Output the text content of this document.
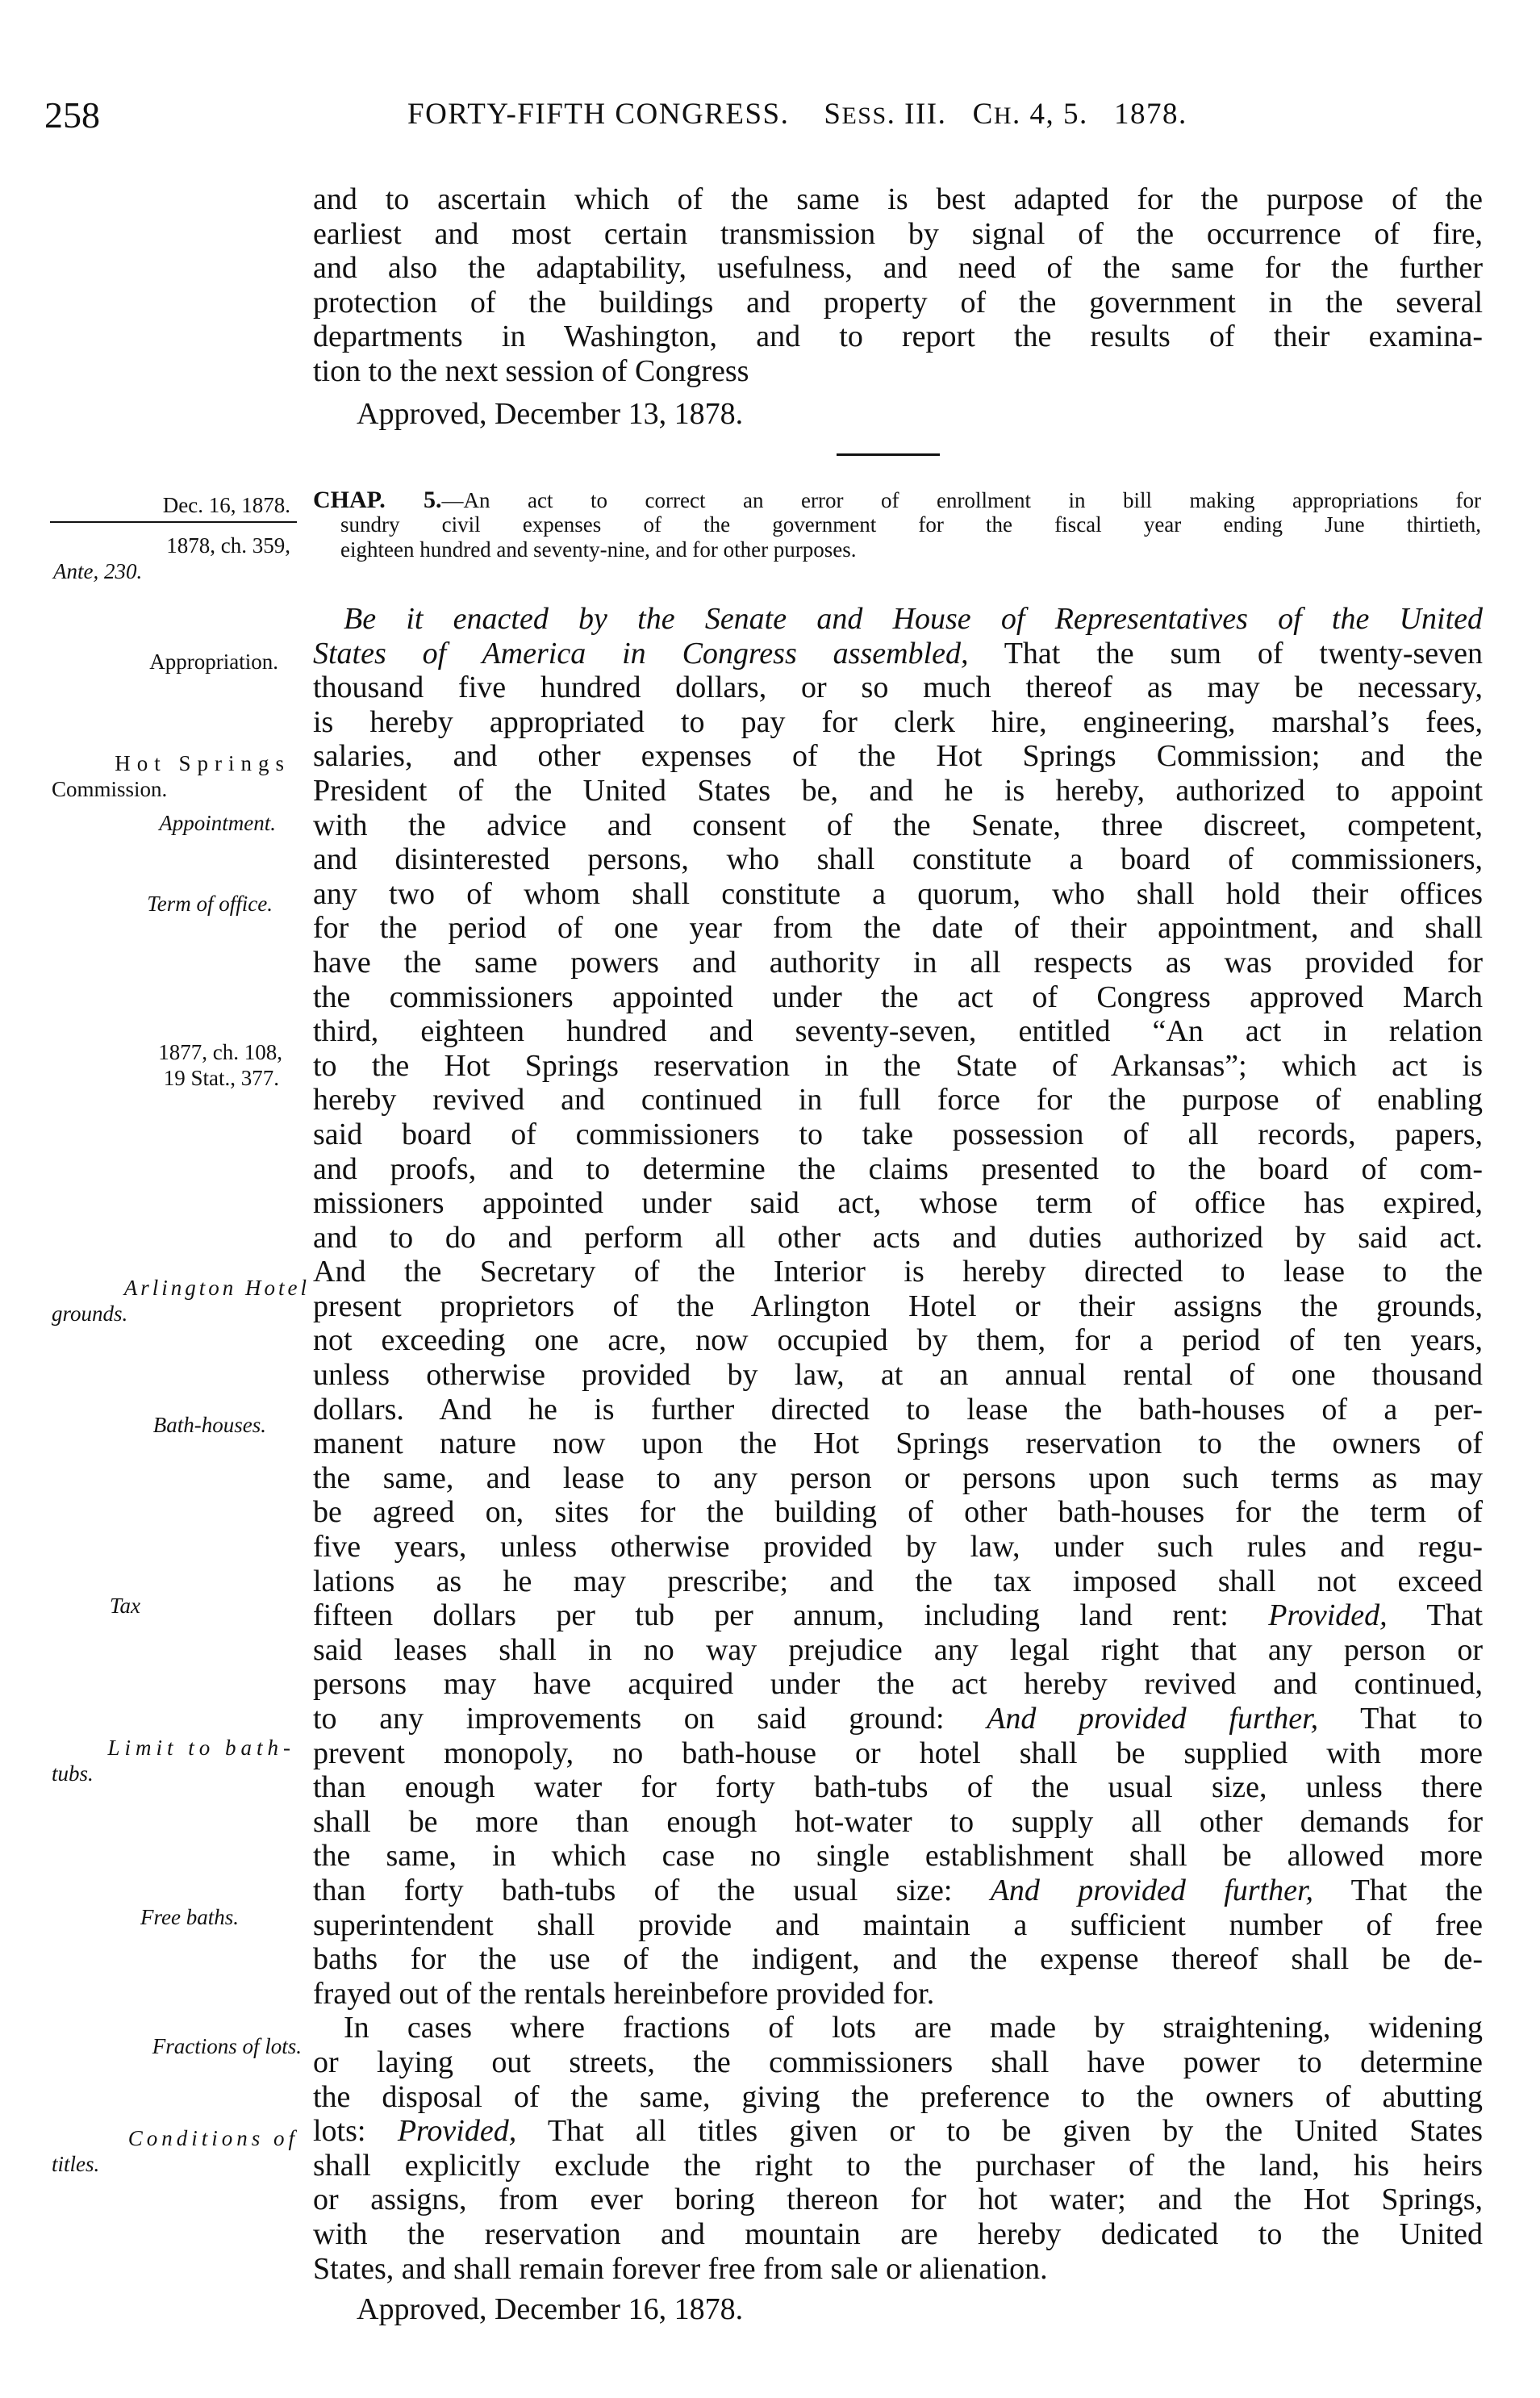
258	FORTY-FIFTH CONGRESS. SESS. III. CH. 4, 5. 1878.
and to ascertain which of the same is best adapted for the purpose of the
earliest and most certain transmission by signal of the occurrence of fire,
and also the adaptability, usefulness, and need of the same for the further
protection of the buildings and property of the government in the several
departments in Washington, and to report the results of their examina-
tion to the next session of Congress
Approved, December 13, 1878.
CHAP. 5.—An act to correct an error of enrollment in bill making appropriations for
sundry civil expenses of the government for the fiscal year ending June thirtieth,
eighteen hundred and seventy-nine, and for other purposes.
Be it enacted by the Senate and House of Representatives of the United
States of America in Congress assembled, That the sum of twenty-seven
thousand five hundred dollars, or so much thereof as may be necessary,
is hereby appropriated to pay for clerk hire, engineering, marshal’s fees,
salaries, and other expenses of the Hot Springs Commission; and the
President of the United States be, and he is hereby, authorized to appoint
with the advice and consent of the Senate, three discreet, competent,
and disinterested persons, who shall constitute a board of commissioners,
any two of whom shall constitute a quorum, who shall hold their offices
for the period of one year from the date of their appointment, and shall
have the same powers and authority in all respects as was provided for
the commissioners appointed under the act of Congress approved March
third, eighteen hundred and seventy-seven, entitled “An act in relation
to the Hot Springs reservation in the State of Arkansas”; which act is
hereby revived and continued in full force for the purpose of enabling
said board of commissioners to take possession of all records, papers,
and proofs, and to determine the claims presented to the board of com-
missioners appointed under said act, whose term of office has expired,
and to do and perform all other acts and duties authorized by said act.
And the Secretary of the Interior is hereby directed to lease to the
present proprietors of the Arlington Hotel or their assigns the grounds,
not exceeding one acre, now occupied by them, for a period of ten years,
unless otherwise provided by law, at an annual rental of one thousand
dollars. And he is further directed to lease the bath-houses of a per-
manent nature now upon the Hot Springs reservation to the owners of
the same, and lease to any person or persons upon such terms as may
be agreed on, sites for the building of other bath-houses for the term of
five years, unless otherwise provided by law, under such rules and regu-
lations as he may prescribe; and the tax imposed shall not exceed
fifteen dollars per tub per annum, including land rent: Provided, That
said leases shall in no way prejudice any legal right that any person or
persons may have acquired under the act hereby revived and continued,
to any improvements on said ground: And provided further, That to
prevent monopoly, no bath-house or hotel shall be supplied with more
than enough water for forty bath-tubs of the usual size, unless there
shall be more than enough hot-water to supply all other demands for
the same, in which case no single establishment shall be allowed more
than forty bath-tubs of the usual size: And provided further, That the
superintendent shall provide and maintain a sufficient number of free
baths for the use of the indigent, and the expense thereof shall be de-
frayed out of the rentals hereinbefore provided for.
In cases where fractions of lots are made by straightening, widening
or laying out streets, the commissioners shall have power to determine
the disposal of the same, giving the preference to the owners of abutting
lots: Provided, That all titles given or to be given by the United States
shall explicitly exclude the right to the purchaser of the land, his heirs
or assigns, from ever boring thereon for hot water; and the Hot Springs,
with the reservation and mountain are hereby dedicated to the United
States, and shall remain forever free from sale or alienation.
Approved, December 16, 1878.
Dec. 16, 1878.
1878, ch. 359,
Ante, 230.
Appropriation.
Hot Springs
Commission.
Appointment.
Term of office.
1877, ch. 108,
19 Stat., 377.
Arlington Hotel
grounds.
Bath-houses.
Tax
Limit to bath-
tubs.
Free baths.
Fractions of lots.
Conditions of
titles.
